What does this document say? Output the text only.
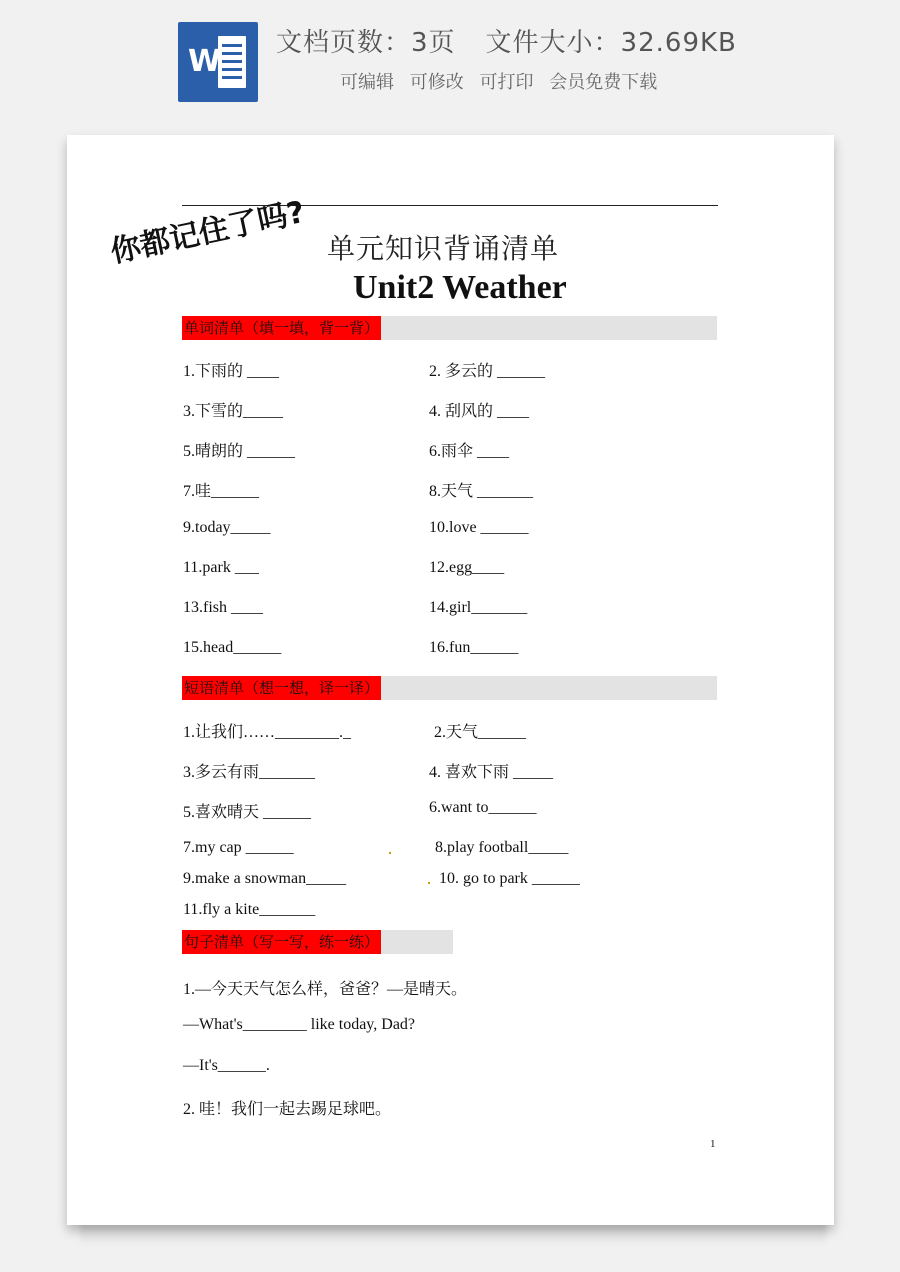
W
文档页数：3页 文件大小：32.69KB
可编辑 可修改 可打印 会员免费下载
你都记住了吗? 单元知识背诵清单
Unit2 Weather
单词清单（填一填，背一背）
1.下雨的 ____	2. 多云的 ______
3.下雪的_____	4. 刮风的 ____
5.晴朗的 ______	6.雨伞 ____
7.哇______	8.天气 _______
9.today_____	10.love ______
11.park ___	12.egg____
13.fish ____	14.girl_______
15.head______	16.fun______
短语清单（想一想，译一译）
1.让我们……________._	2.天气______
3.多云有雨_______	4. 喜欢下雨 _____
5.喜欢晴天 ______	6.want to______
7.my cap ______	8.play football_____
9.make a snowman_____	10. go to park ______
11.fly a kite_______
句子清单（写一写，练一练）
1.—今天天气怎么样，爸爸？—是晴天。
—What's________ like today, Dad?
—It's______.
2. 哇！我们一起去踢足球吧。
1
